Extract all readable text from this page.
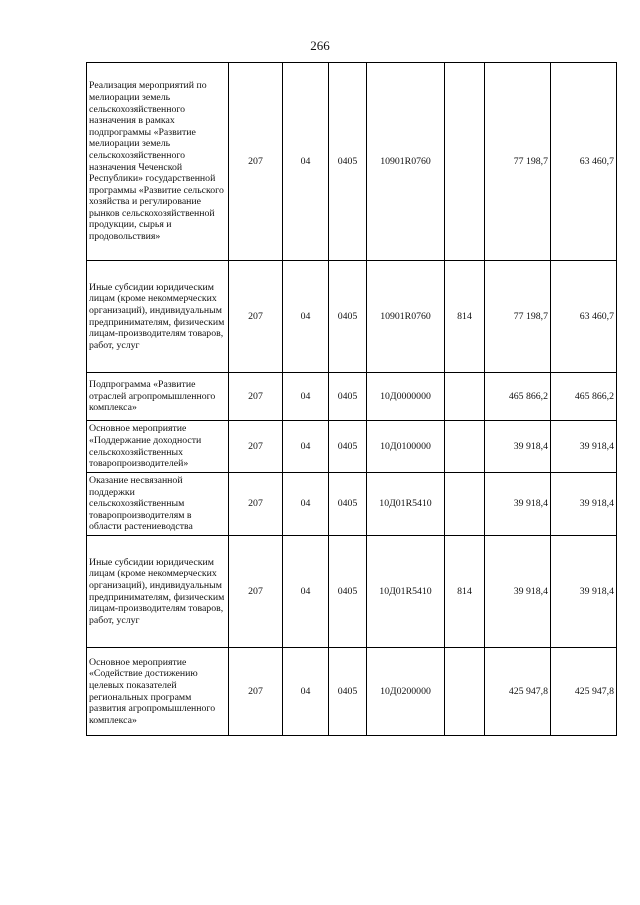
266
Реализация мероприятий по мелиорации земель сельскохозяйственного назначения в рамках подпрограммы «Развитие мелиорации земель сельскохозяйственного назначения Чеченской Республики» государственной программы «Развитие сельского хозяйства и регулирование рынков сельскохозяйственной продукции, сырья и продовольствия»	207	04	0405	10901R0760		77 198,7	63 460,7
Иные субсидии юридическим лицам (кроме некоммерческих организаций), индивидуальным предпринимателям, физическим лицам-производителям товаров, работ, услуг	207	04	0405	10901R0760	814	77 198,7	63 460,7
Подпрограмма «Развитие отраслей агропромышленного комплекса»	207	04	0405	10Д0000000		465 866,2	465 866,2
Основное мероприятие «Поддержание доходности сельскохозяйственных товаропроизводителей»	207	04	0405	10Д0100000		39 918,4	39 918,4
Оказание несвязанной поддержки сельскохозяйственным товаропроизводителям в области растениеводства	207	04	0405	10Д01R5410		39 918,4	39 918,4
Иные субсидии юридическим лицам (кроме некоммерческих организаций), индивидуальным предпринимателям, физическим лицам-производителям товаров, работ, услуг	207	04	0405	10Д01R5410	814	39 918,4	39 918,4
Основное мероприятие «Содействие достижению целевых показателей региональных программ развития агропромышленного комплекса»	207	04	0405	10Д0200000		425 947,8	425 947,8
